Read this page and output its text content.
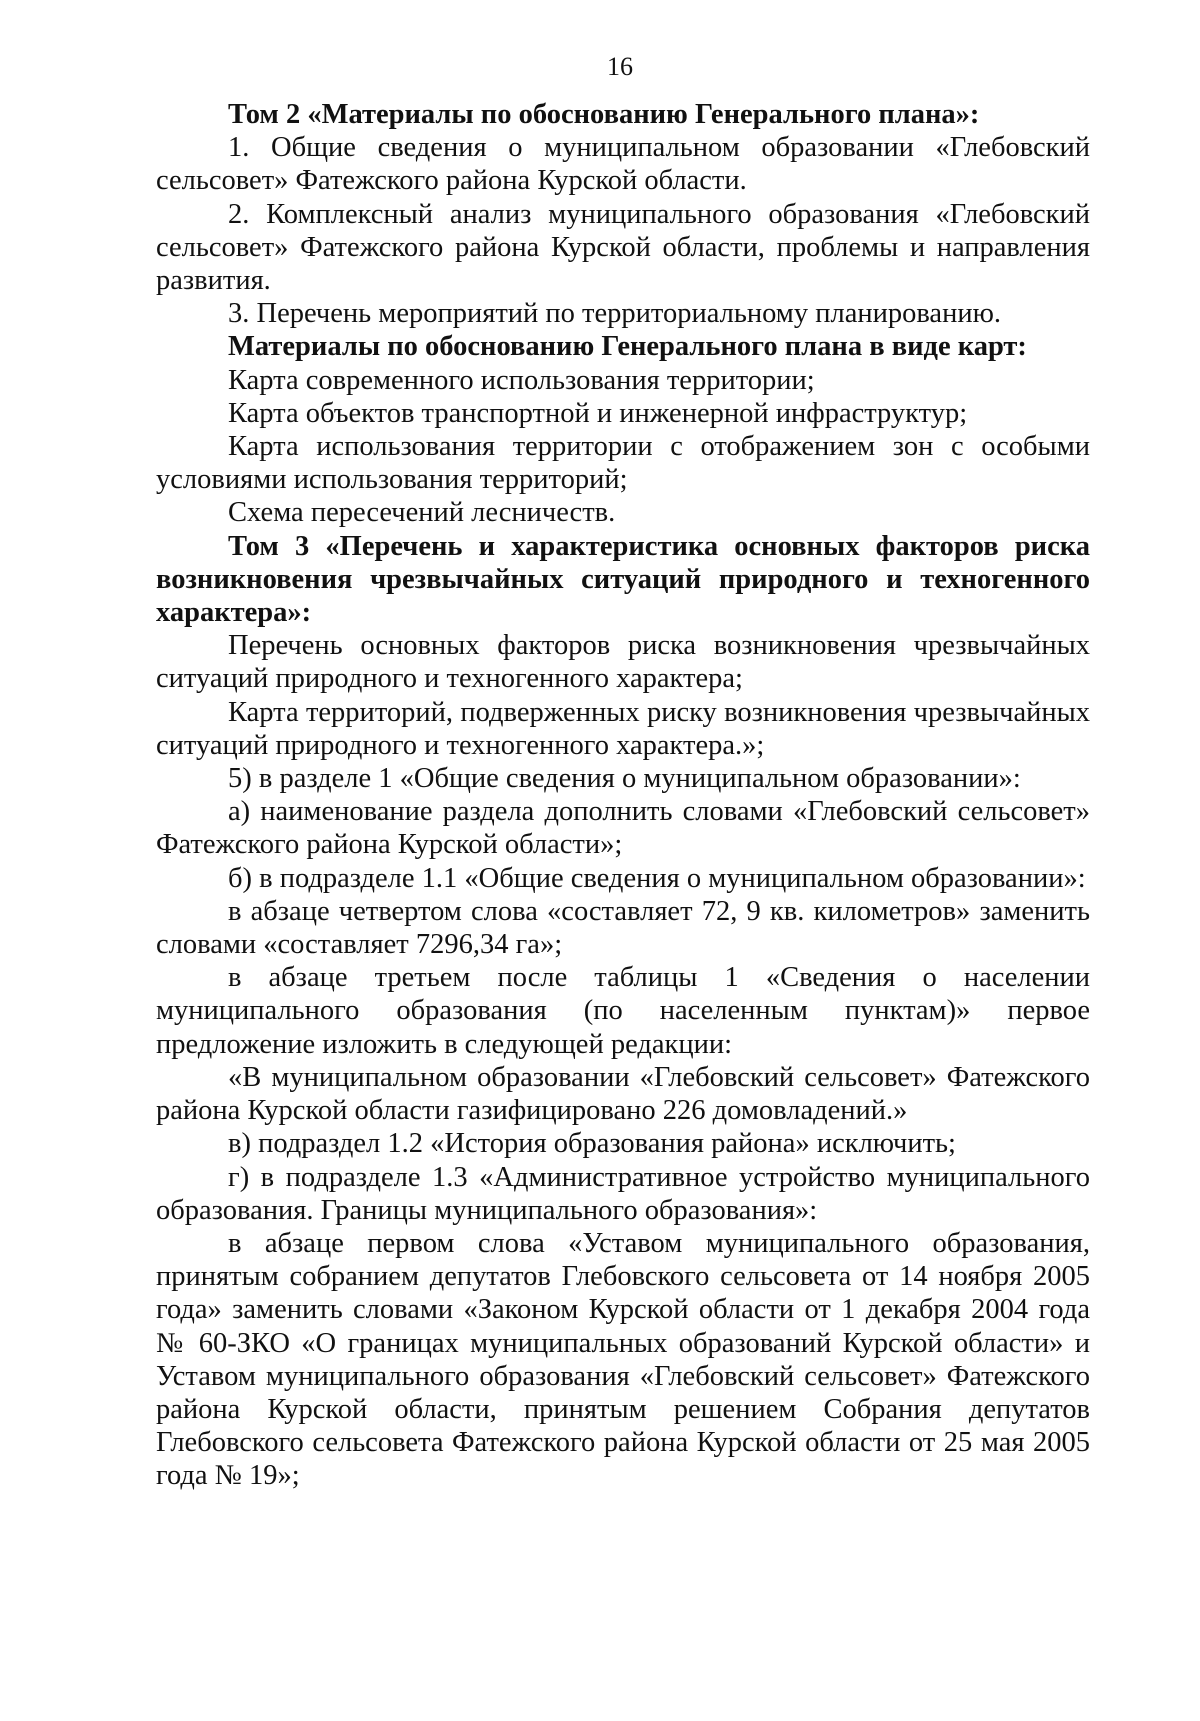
16

Том 2 «Материалы по обоснованию Генерального плана»:

1. Общие сведения о муниципальном образовании «Глебовский сельсовет» Фатежского района Курской области.

2. Комплексный анализ муниципального образования «Глебовский сельсовет» Фатежского района Курской области, проблемы и направления развития.

3. Перечень мероприятий по территориальному планированию.

Материалы по обоснованию Генерального плана в виде карт:

Карта современного использования территории;

Карта объектов транспортной и инженерной инфраструктур;

Карта использования территории с отображением зон с особыми условиями использования территорий;

Схема пересечений лесничеств.

Том 3 «Перечень и характеристика основных факторов риска возникновения чрезвычайных ситуаций природного и техногенного характера»:

Перечень основных факторов риска возникновения чрезвычайных ситуаций природного и техногенного характера;

Карта территорий, подверженных риску возникновения чрезвычайных ситуаций природного и техногенного характера.»;

5) в разделе 1 «Общие сведения о муниципальном образовании»:

а) наименование раздела дополнить словами «Глебовский сельсовет» Фатежского района Курской области»;

б) в подразделе 1.1 «Общие сведения о муниципальном образовании»:

в абзаце четвертом слова «составляет 72, 9 кв. километров» заменить словами «составляет 7296,34 га»;

в абзаце третьем после таблицы 1 «Сведения о населении муниципального образования (по населенным пунктам)» первое предложение изложить в следующей редакции:

«В муниципальном образовании «Глебовский сельсовет» Фатежского района Курской области газифицировано 226 домовладений.»

в) подраздел 1.2 «История образования района» исключить;

г) в подразделе 1.3 «Административное устройство муниципального образования. Границы муниципального образования»:

в абзаце первом слова «Уставом муниципального образования, принятым собранием депутатов Глебовского сельсовета от 14 ноября 2005 года» заменить словами «Законом Курской области от 1 декабря 2004 года № 60-ЗКО «О границах муниципальных образований Курской области» и Уставом муниципального образования «Глебовский сельсовет» Фатежского района Курской области, принятым решением Собрания депутатов Глебовского сельсовета Фатежского района Курской области от 25 мая 2005 года № 19»;
